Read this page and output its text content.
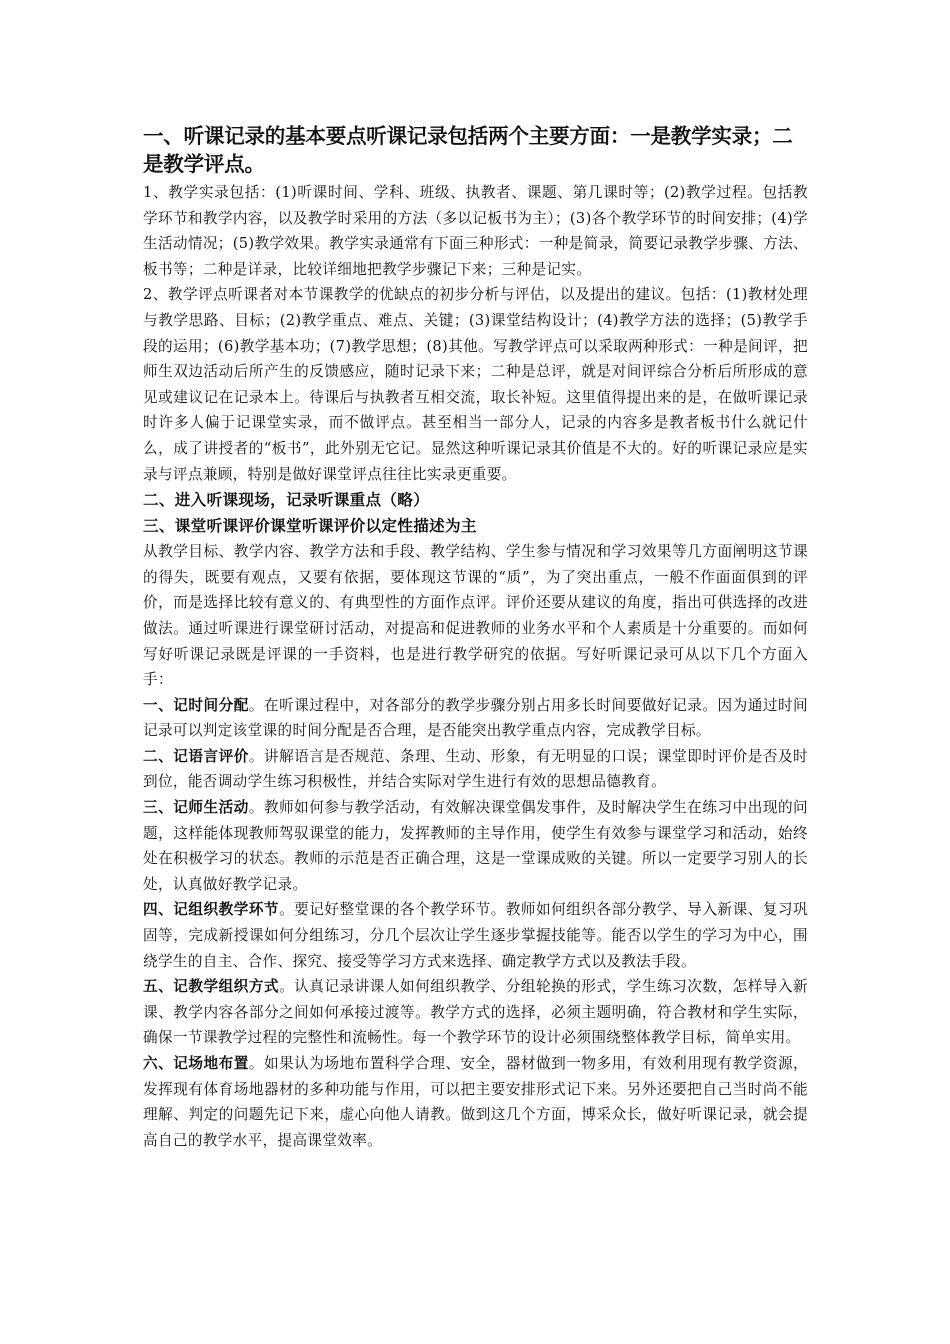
一、听课记录的基本要点听课记录包括两个主要方面：一是教学实录；二是教学评点。

1、教学实录包括：(1)听课时间、学科、班级、执教者、课题、第几课时等；(2)教学过程。包括教学环节和教学内容，以及教学时采用的方法（多以记板书为主）；(3)各个教学环节的时间安排；(4)学生活动情况；(5)教学效果。教学实录通常有下面三种形式：一种是简录，简要记录教学步骤、方法、板书等；二种是详录，比较详细地把教学步骤记下来；三种是记实。

2、教学评点听课者对本节课教学的优缺点的初步分析与评估，以及提出的建议。包括：(1)教材处理与教学思路、目标；(2)教学重点、难点、关键；(3)课堂结构设计；(4)教学方法的选择；(5)教学手段的运用；(6)教学基本功；(7)教学思想；(8)其他。写教学评点可以采取两种形式：一种是间评，把师生双边活动后所产生的反馈感应，随时记录下来；二种是总评，就是对间评综合分析后所形成的意见或建议记在记录本上。待课后与执教者互相交流，取长补短。这里值得提出来的是，在做听课记录时许多人偏于记课堂实录，而不做评点。甚至相当一部分人，记录的内容多是教者板书什么就记什么，成了讲授者的“板书”，此外别无它记。显然这种听课记录其价值是不大的。好的听课记录应是实录与评点兼顾，特别是做好课堂评点往往比实录更重要。

二、进入听课现场，记录听课重点（略）
三、课堂听课评价课堂听课评价以定性描述为主

从教学目标、教学内容、教学方法和手段、教学结构、学生参与情况和学习效果等几方面阐明这节课的得失，既要有观点，又要有依据，要体现这节课的“质”，为了突出重点，一般不作面面俱到的评价，而是选择比较有意义的、有典型性的方面作点评。评价还要从建议的角度，指出可供选择的改进做法。通过听课进行课堂研讨活动，对提高和促进教师的业务水平和个人素质是十分重要的。而如何写好听课记录既是评课的一手资料，也是进行教学研究的依据。写好听课记录可从以下几个方面入手：

一、记时间分配。在听课过程中，对各部分的教学步骤分别占用多长时间要做好记录。因为通过时间记录可以判定该堂课的时间分配是否合理，是否能突出教学重点内容，完成教学目标。

二、记语言评价。讲解语言是否规范、条理、生动、形象，有无明显的口误；课堂即时评价是否及时到位，能否调动学生练习积极性，并结合实际对学生进行有效的思想品德教育。

三、记师生活动。教师如何参与教学活动，有效解决课堂偶发事件，及时解决学生在练习中出现的问题，这样能体现教师驾驭课堂的能力，发挥教师的主导作用，使学生有效参与课堂学习和活动，始终处在积极学习的状态。教师的示范是否正确合理，这是一堂课成败的关键。所以一定要学习别人的长处，认真做好教学记录。

四、记组织教学环节。要记好整堂课的各个教学环节。教师如何组织各部分教学、导入新课、复习巩固等，完成新授课如何分组练习，分几个层次让学生逐步掌握技能等。能否以学生的学习为中心，围绕学生的自主、合作、探究、接受等学习方式来选择、确定教学方式以及教法手段。

五、记教学组织方式。认真记录讲课人如何组织教学、分组轮换的形式，学生练习次数，怎样导入新课、教学内容各部分之间如何承接过渡等。教学方式的选择，必须主题明确，符合教材和学生实际，确保一节课教学过程的完整性和流畅性。每一个教学环节的设计必须围绕整体教学目标，简单实用。

六、记场地布置。如果认为场地布置科学合理、安全，器材做到一物多用，有效利用现有教学资源，发挥现有体育场地器材的多种功能与作用，可以把主要安排形式记下来。另外还要把自己当时尚不能理解、判定的问题先记下来，虚心向他人请教。做到这几个方面，博采众长，做好听课记录，就会提高自己的教学水平，提高课堂效率。
